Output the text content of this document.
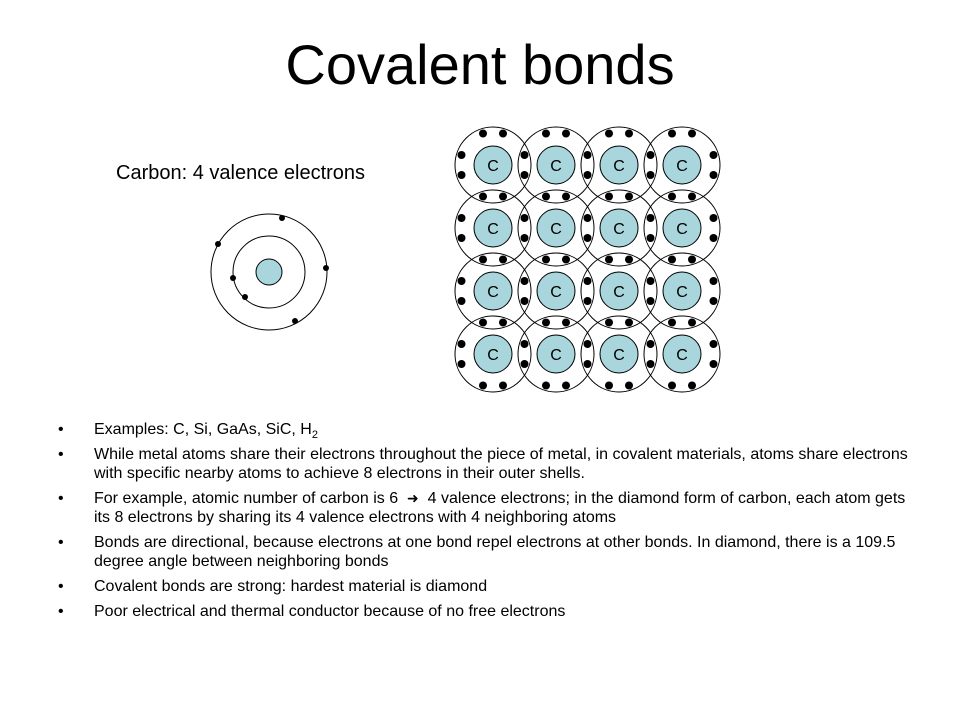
Covalent bonds
Carbon: 4 valence electrons	C	C	C	C
C	C	C	C
C	C	C	C
C	C	C	C
• Examples: C, Si, GaAs, SiC, $H_2$
• While metal atoms share their electrons throughout the piece of metal, in covalent materials, atoms share electrons with specific nearby atoms to achieve 8 electrons in their outer shells.
• For example, atomic number of carbon is 6 ➜ 4 valence electrons; in the diamond form of carbon, each atom gets its 8 electrons by sharing its 4 valence electrons with 4 neighboring atoms
• Bonds are directional, because electrons at one bond repel electrons at other bonds. In diamond, there is a 109.5 degree angle between neighboring bonds
• Covalent bonds are strong: hardest material is diamond
• Poor electrical and thermal conductor because of no free electrons
